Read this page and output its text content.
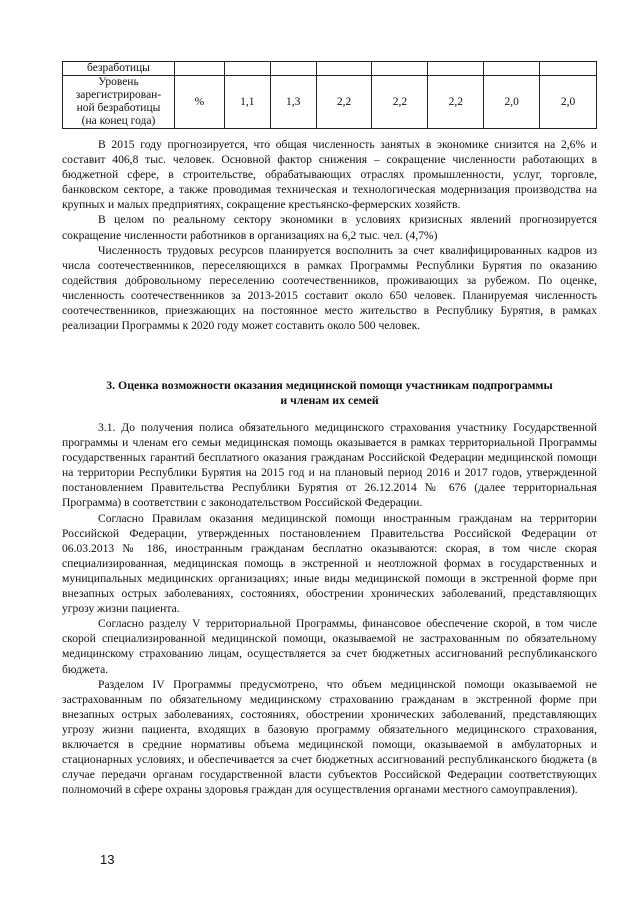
безработицы								

Уровень
зарегистрирован-
ной безработицы
(на конец года)	%	1,1	1,3	2,2	2,2	2,2	2,0	2,0

В 2015 году прогнозируется, что общая численность занятых в экономике снизится на 2,6% и составит 406,8 тыс. человек. Основной фактор снижения – сокращение численности работающих в бюджетной сфере, в строительстве, обрабатывающих отраслях промышленности, услуг, торговле, банковском секторе, а также проводимая техническая и технологическая модернизация производства на крупных и малых предприятиях, сокращение крестьянско-фермерских хозяйств.

В целом по реальному сектору экономики в условиях кризисных явлений прогнозируется сокращение численности работников в организациях на 6,2 тыс. чел. (4,7%)

Численность трудовых ресурсов планируется восполнить за счет квалифицированных кадров из числа соотечественников, переселяющихся в рамках Программы Республики Бурятия по оказанию содействия добровольному переселению соотечественников, проживающих за рубежом. По оценке, численность соотечественников за 2013-2015 составит около 650 человек. Планируемая численность соотечественников, приезжающих на постоянное место жительство в Республику Бурятия, в рамках реализации Программы к 2020 году может составить около 500 человек.

3. Оценка возможности оказания медицинской помощи участникам подпрограммы
и членам их семей

3.1. До получения полиса обязательного медицинского страхования участнику Государственной программы и членам его семьи медицинская помощь оказывается в рамках территориальной Программы государственных гарантий бесплатного оказания гражданам Российской Федерации медицинской помощи на территории Республики Бурятия на 2015 год и на плановый период 2016 и 2017 годов, утвержденной постановлением Правительства Республики Бурятия от 26.12.2014 № 676 (далее территориальная Программа) в соответствии с законодательством Российской Федерации.

Согласно Правилам оказания медицинской помощи иностранным гражданам на территории Российской Федерации, утвержденных постановлением Правительства Российской Федерации от 06.03.2013 № 186, иностранным гражданам бесплатно оказываются: скорая, в том числе скорая специализированная, медицинская помощь в экстренной и неотложной формах в государственных и муниципальных медицинских организациях; иные виды медицинской помощи в экстренной форме при внезапных острых заболеваниях, состояниях, обострении хронических заболеваний, представляющих угрозу жизни пациента.

Согласно разделу V территориальной Программы, финансовое обеспечение скорой, в том числе скорой специализированной медицинской помощи, оказываемой не застрахованным по обязательному медицинскому страхованию лицам, осуществляется за счет бюджетных ассигнований республиканского бюджета.

Разделом IV Программы предусмотрено, что объем медицинской помощи оказываемой не застрахованным по обязательному медицинскому страхованию гражданам в экстренной форме при внезапных острых заболеваниях, состояниях, обострении хронических заболеваний, представляющих угрозу жизни пациента, входящих в базовую программу обязательного медицинского страхования, включается в средние нормативы объема медицинской помощи, оказываемой в амбулаторных и стационарных условиях, и обеспечивается за счет бюджетных ассигнований республиканского бюджета (в случае передачи органам государственной власти субъектов Российской Федерации соответствующих полномочий в сфере охраны здоровья граждан для осуществления органами местного самоуправления).

13
